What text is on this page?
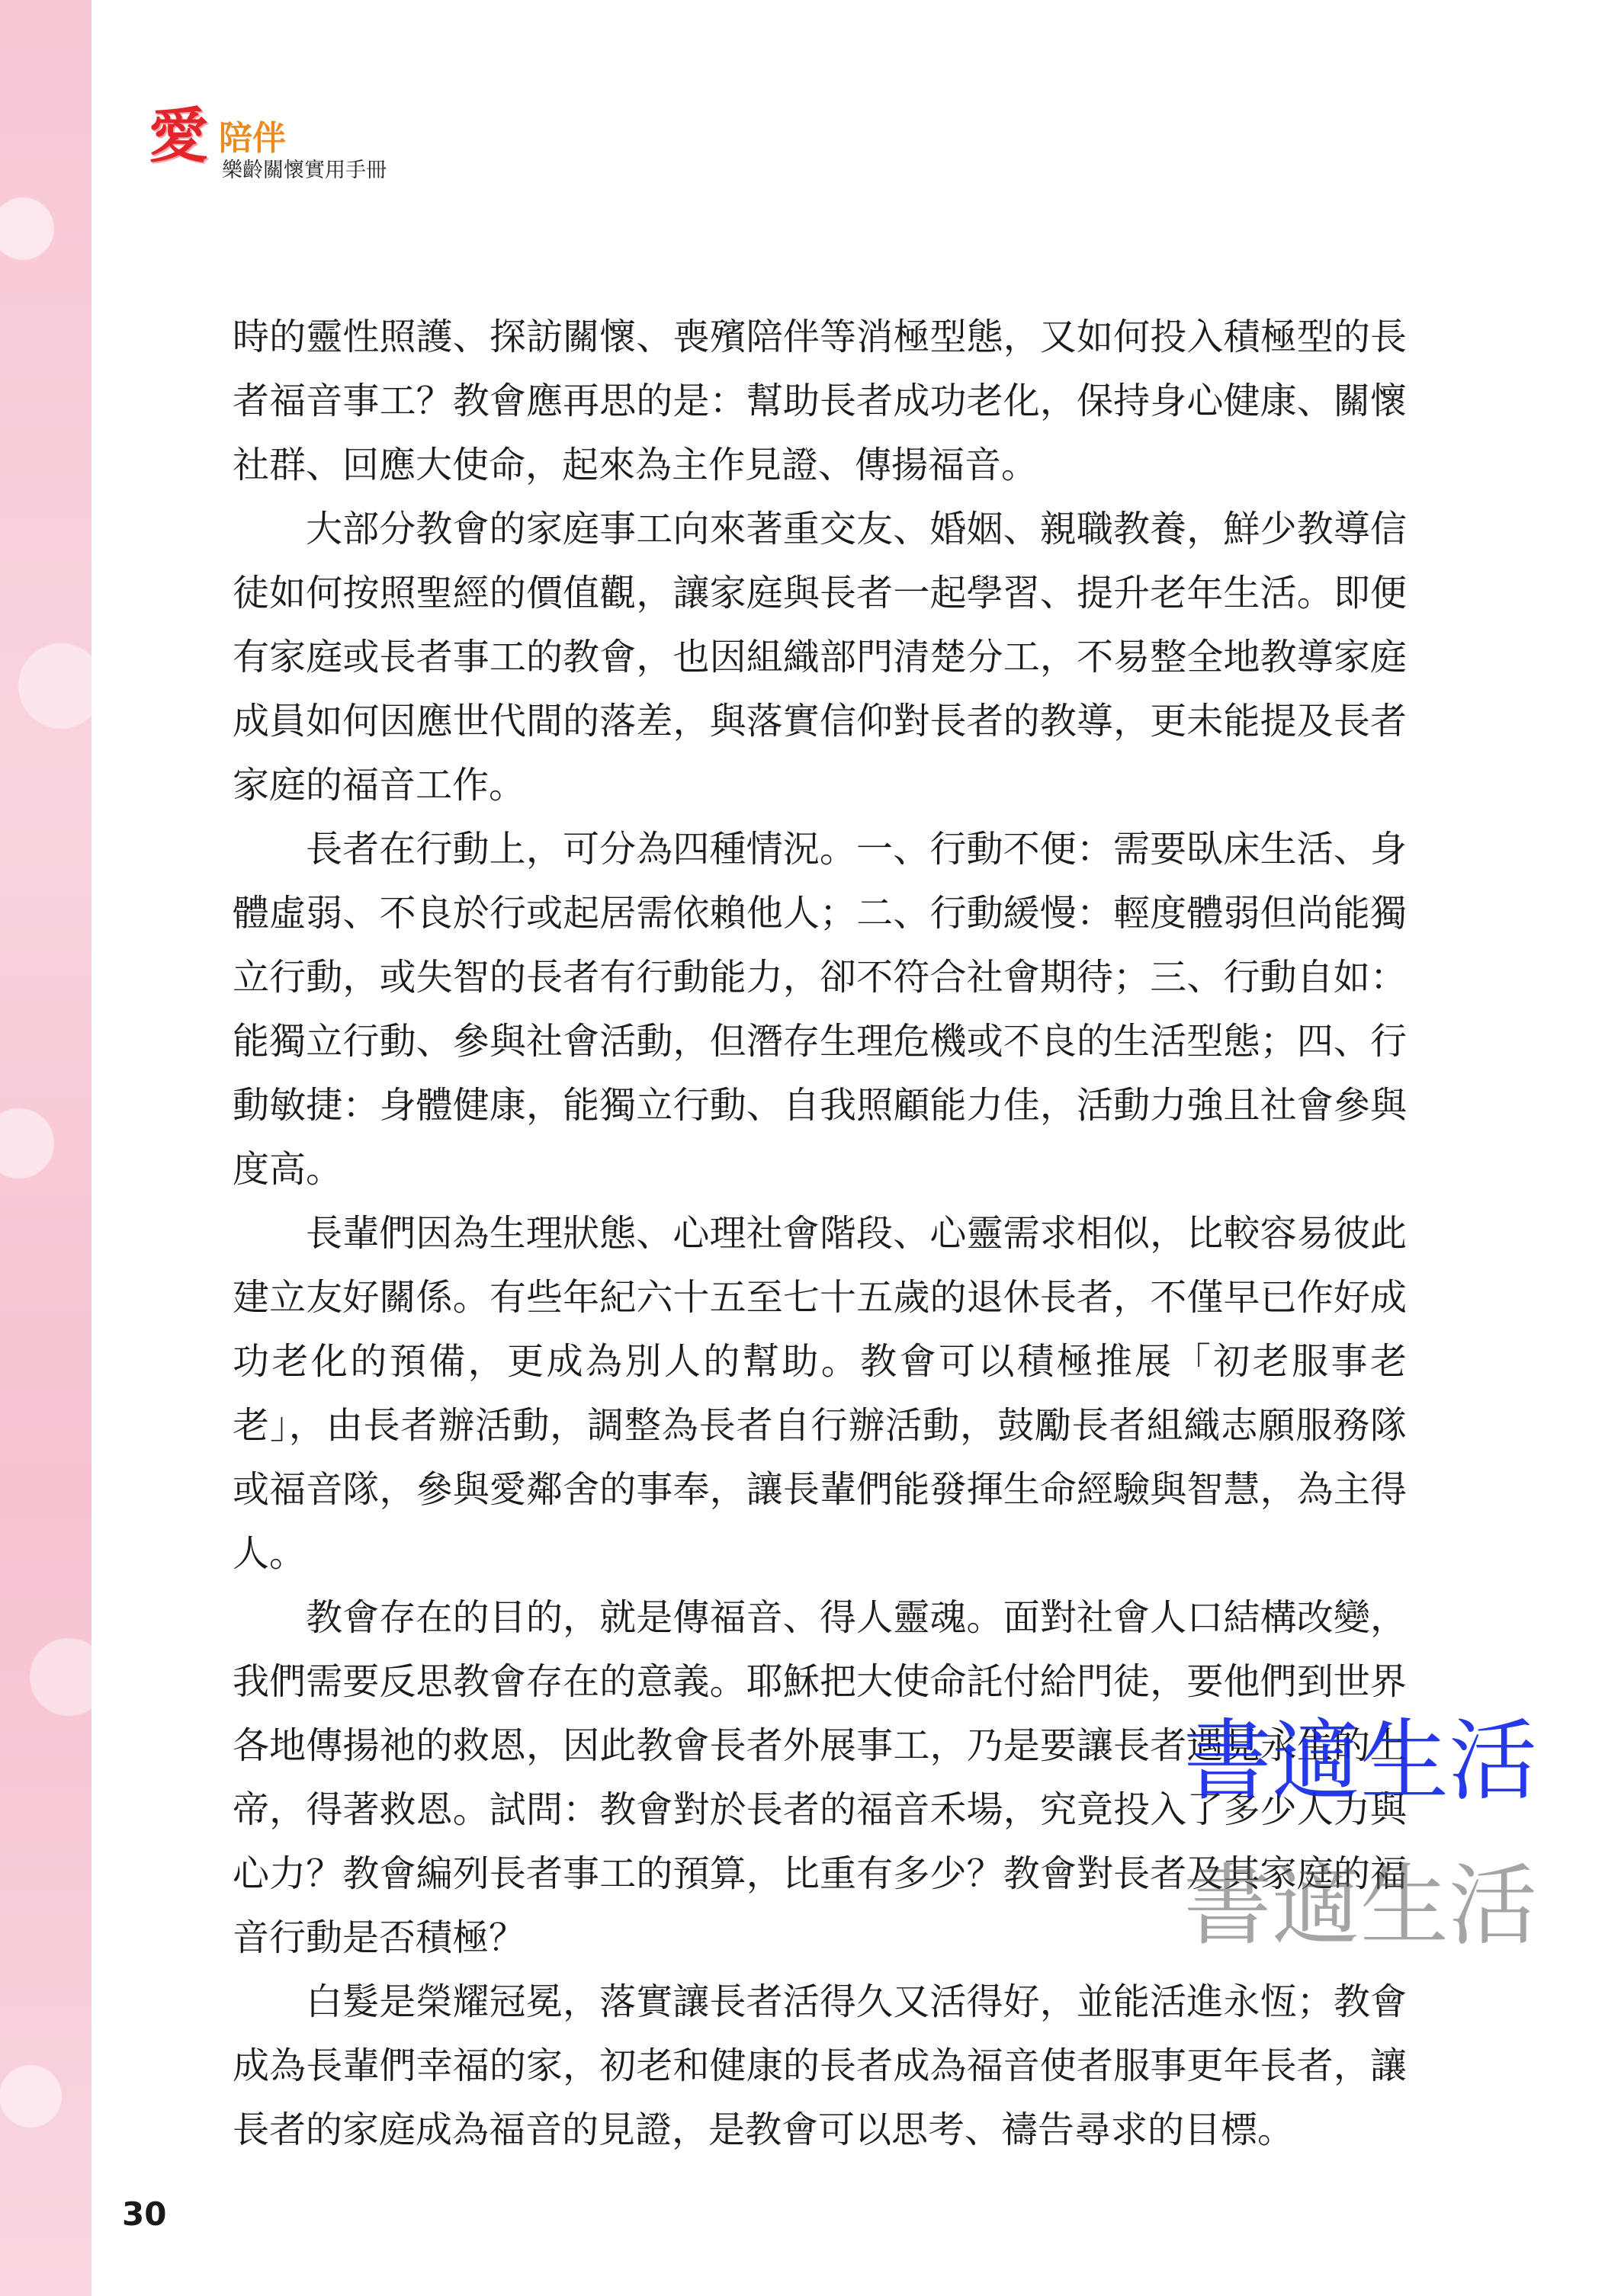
愛 陪伴
樂齡關懷實用手冊

時的靈性照護、探訪關懷、喪殯陪伴等消極型態，又如何投入積極型的長者福音事工？教會應再思的是：幫助長者成功老化，保持身心健康、關懷社群、回應大使命，起來為主作見證、傳揚福音。

大部分教會的家庭事工向來著重交友、婚姻、親職教養，鮮少教導信徒如何按照聖經的價值觀，讓家庭與長者一起學習、提升老年生活。即便有家庭或長者事工的教會，也因組織部門清楚分工，不易整全地教導家庭成員如何因應世代間的落差，與落實信仰對長者的教導，更未能提及長者家庭的福音工作。

長者在行動上，可分為四種情況。一、行動不便：需要臥床生活、身體虛弱、不良於行或起居需依賴他人；二、行動緩慢：輕度體弱但尚能獨立行動，或失智的長者有行動能力，卻不符合社會期待；三、行動自如：能獨立行動、參與社會活動，但潛存生理危機或不良的生活型態；四、行動敏捷：身體健康，能獨立行動、自我照顧能力佳，活動力強且社會參與度高。

長輩們因為生理狀態、心理社會階段、心靈需求相似，比較容易彼此建立友好關係。有些年紀六十五至七十五歲的退休長者，不僅早已作好成功老化的預備，更成為別人的幫助。教會可以積極推展「初老服事老老」，由長者辦活動，調整為長者自行辦活動，鼓勵長者組織志願服務隊或福音隊，參與愛鄰舍的事奉，讓長輩們能發揮生命經驗與智慧，為主得人。

教會存在的目的，就是傳福音、得人靈魂。面對社會人口結構改變，我們需要反思教會存在的意義。耶穌把大使命託付給門徒，要他們到世界各地傳揚祂的救恩，因此教會長者外展事工，乃是要讓長者遇見永生的上帝，得著救恩。試問：教會對於長者的福音禾場，究竟投入了多少人力與心力？教會編列長者事工的預算，比重有多少？教會對長者及其家庭的福音行動是否積極？

白髮是榮耀冠冕，落實讓長者活得久又活得好，並能活進永恆；教會成為長輩們幸福的家，初老和健康的長者成為福音使者服事更年長者，讓長者的家庭成為福音的見證，是教會可以思考、禱告尋求的目標。

書適生活
書適生活
30
